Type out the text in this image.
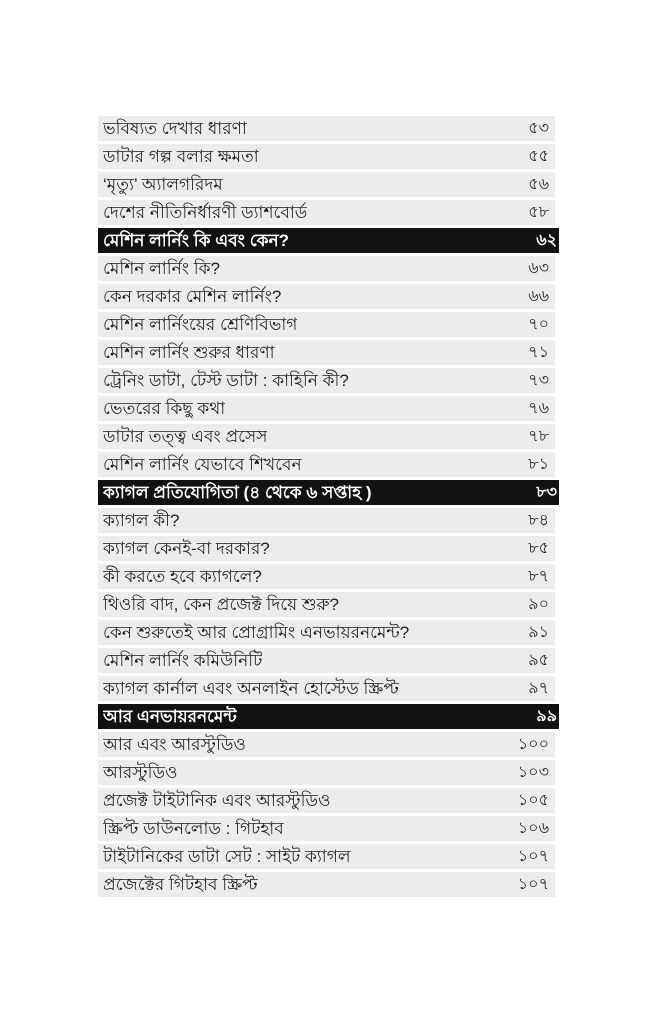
ভবিষ্যত দেখার ধারণা	৫৩
ডাটার গল্প বলার ক্ষমতা	৫৫
‘মৃত্যু’ অ্যালগরিদম	৫৬
দেশের নীতিনির্ধারণী ড্যাশবোর্ড	৫৮
মেশিন লার্নিং কি এবং কেন?	৬২
মেশিন লার্নিং কি?	৬৩
কেন দরকার মেশিন লার্নিং?	৬৬
মেশিন লার্নিংয়ের শ্রেণিবিভাগ	৭০
মেশিন লার্নিং শুরুর ধারণা	৭১
ট্রেনিং ডাটা, টেস্ট ডাটা : কাহিনি কী?	৭৩
ভেতরের কিছু কথা	৭৬
ডাটার তত্ত্ব এবং প্রসেস	৭৮
মেশিন লার্নিং যেভাবে শিখবেন	৮১
ক্যাগল প্রতিযোগিতা (৪ থেকে ৬ সপ্তাহ )	৮৩
ক্যাগল কী?	৮৪
ক্যাগল কেনই-বা দরকার?	৮৫
কী করতে হবে ক্যাগলে?	৮৭
থিওরি বাদ, কেন প্রজেক্ট দিয়ে শুরু?	৯০
কেন শুরুতেই আর প্রোগ্রামিং এনভায়রনমেন্ট?	৯১
মেশিন লার্নিং কমিউনিটি	৯৫
ক্যাগল কার্নাল এবং অনলাইন হোস্টেড স্ক্রিপ্ট	৯৭
আর এনভায়রনমেন্ট	৯৯
আর এবং আরস্টুডিও	১০০
আরস্টুডিও	১০৩
প্রজেক্ট টাইটানিক এবং আরস্টুডিও	১০৫
স্ক্রিপ্ট ডাউনলোড : গিটহাব	১০৬
টাইটানিকের ডাটা সেট : সাইট ক্যাগল	১০৭
প্রজেক্টের গিটহাব স্ক্রিপ্ট	১০৭
